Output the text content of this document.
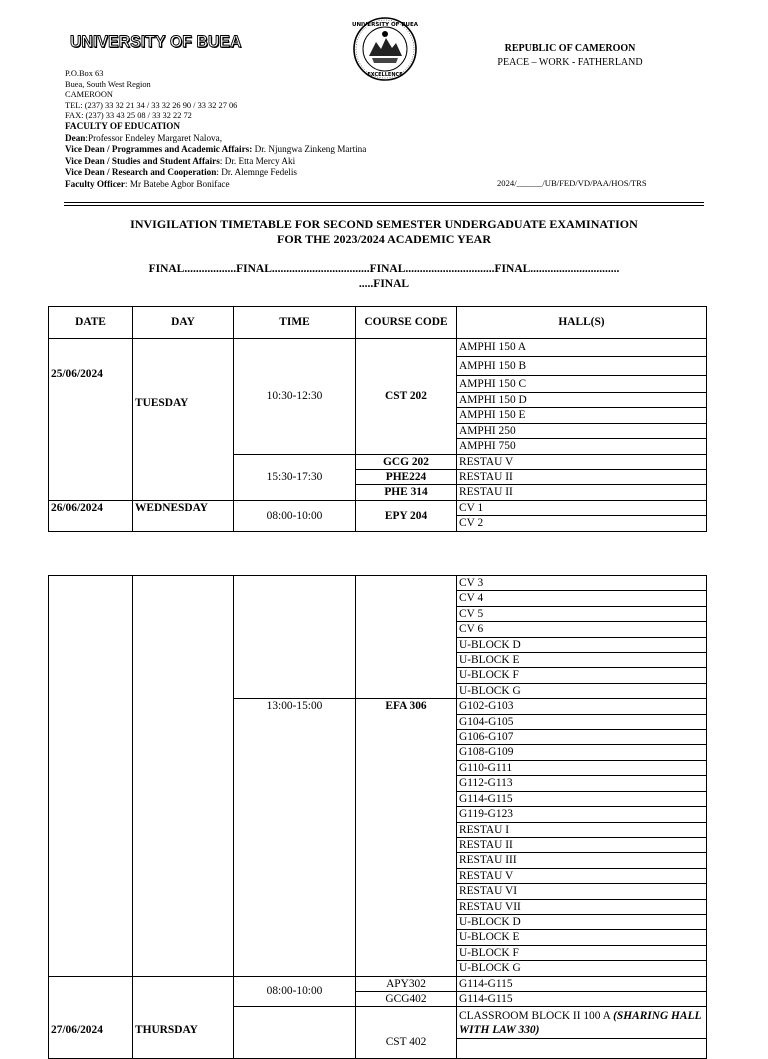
UNIVERSITY OF BUEA
UNIVERSITY OF BUEA
EXCELLENCE
REPUBLIC OF CAMEROON
PEACE – WORK - FATHERLAND
P.O.Box 63
Buea, South West Region
CAMEROON
TEL: (237) 33 32 21 34 / 33 32 26 90 / 33 32 27 06
FAX: (237) 33 43 25 08 / 33 32 22 72
FACULTY OF EDUCATION
Dean:Professor Endeley Margaret Nalova,
Vice Dean / Programmes and Academic Affairs: Dr. Njungwa Zinkeng Martina
Vice Dean / Studies and Student Affairs: Dr. Etta Mercy Aki
Vice Dean / Research and Cooperation: Dr. Alemnge Fedelis
Faculty Officer: Mr Batebe Agbor Boniface	2024/______/UB/FED/VD/PAA/HOS/TRS
INVIGILATION TIMETABLE FOR SECOND SEMESTER UNDERGADUATE EXAMINATION
FOR THE 2023/2024 ACADEMIC YEAR
FINAL..................FINAL..................................FINAL...............................FINAL...............................
.....FINAL
DATE	DAY	TIME	COURSE CODE	HALL(S)
25/06/2024	TUESDAY	10:30-12:30	CST 202	AMPHI 150 A
				AMPHI 150 B
				AMPHI 150 C
				AMPHI 150 D
				AMPHI 150 E
				AMPHI 250
				AMPHI 750
		15:30-17:30	GCG 202	RESTAU V
			PHE224	RESTAU II
			PHE 314	RESTAU II
26/06/2024	WEDNESDAY	08:00-10:00	EPY 204	CV 1
				CV 2
				CV 3
				CV 4
				CV 5
				CV 6
				U-BLOCK D
				U-BLOCK E
				U-BLOCK F
				U-BLOCK G
		13:00-15:00	EFA 306	G102-G103
				G104-G105
				G106-G107
				G108-G109
				G110-G111
				G112-G113
				G114-G115
				G119-G123
				RESTAU I
				RESTAU II
				RESTAU III
				RESTAU V
				RESTAU VI
				RESTAU VII
				U-BLOCK D
				U-BLOCK E
				U-BLOCK F
				U-BLOCK G
27/06/2024	THURSDAY	08:00-10:00	APY302	G114-G115
			GCG402	G114-G115
			CST 402	CLASSROOM BLOCK II 100 A (SHARING HALL WITH LAW 330)
